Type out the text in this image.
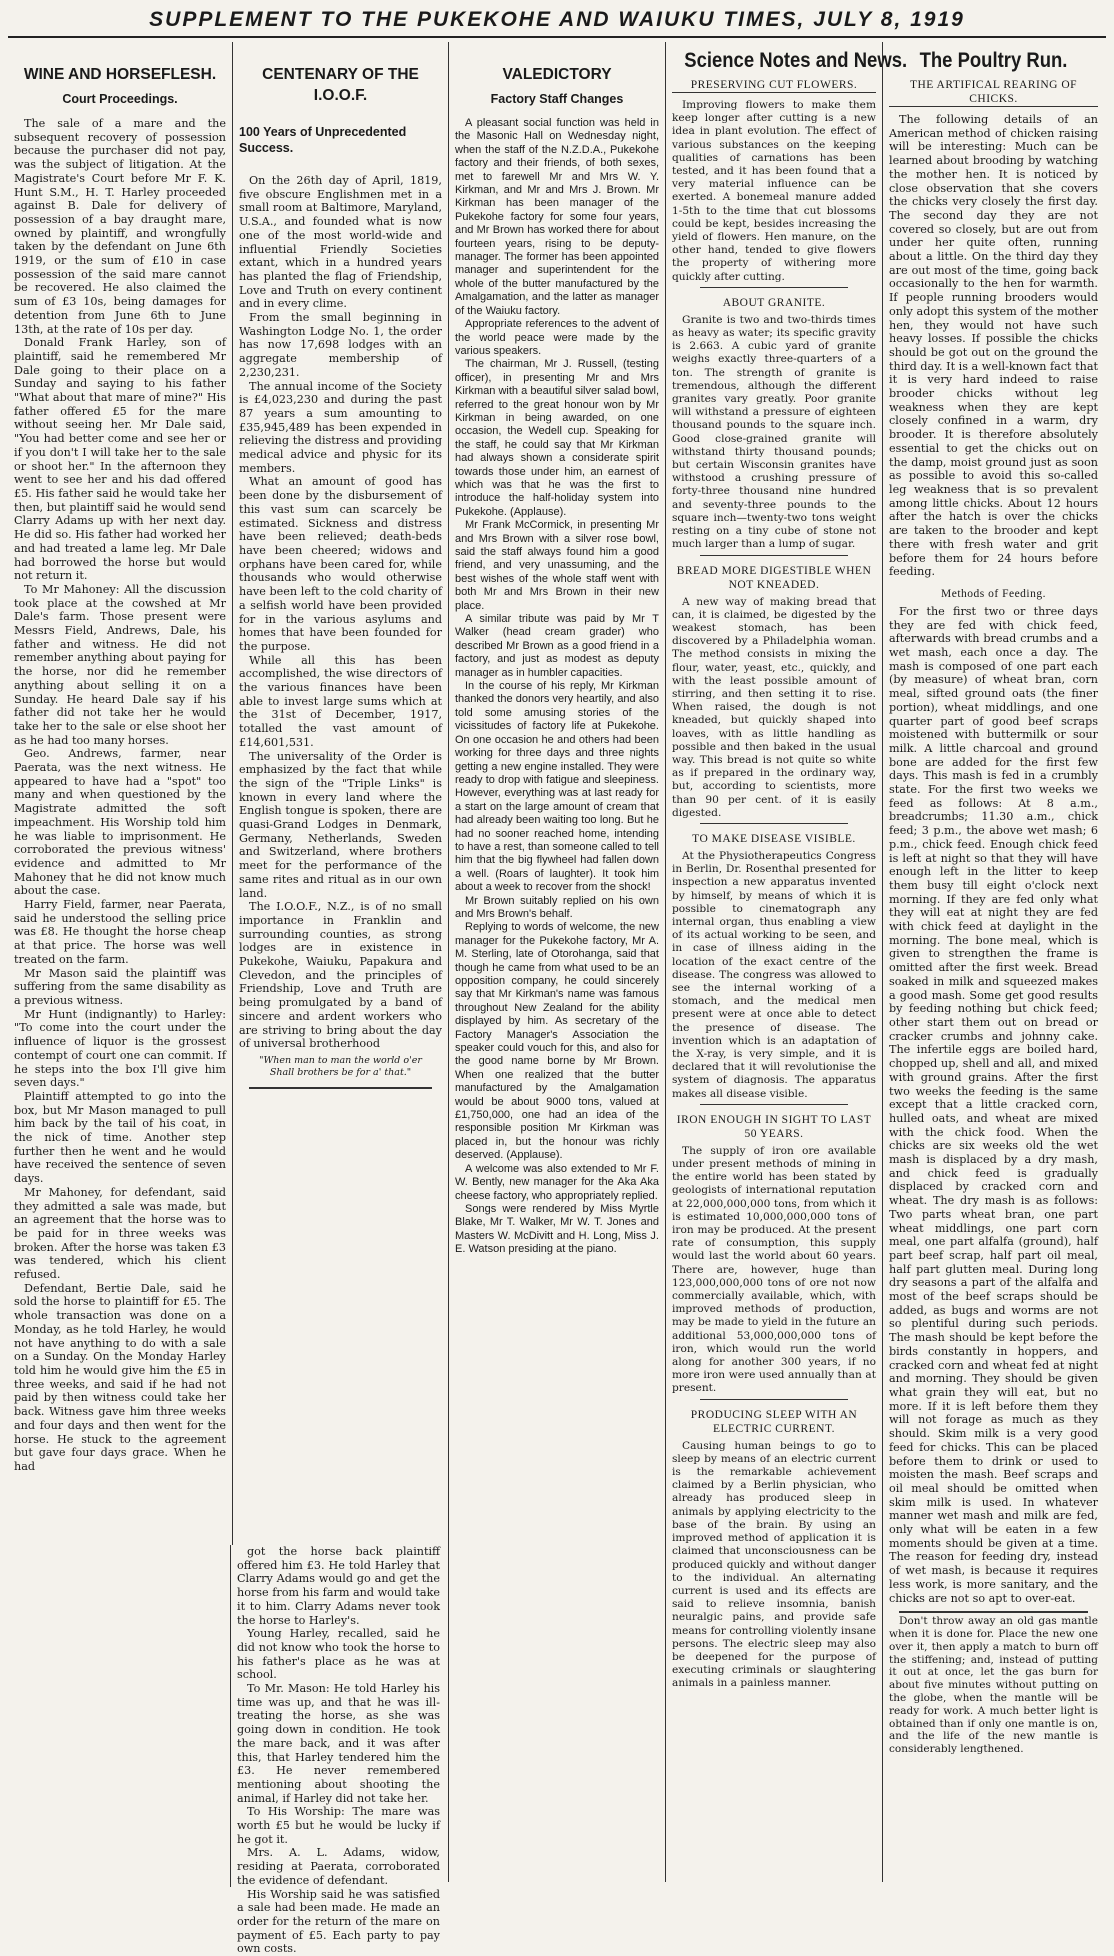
SUPPLEMENT TO THE PUKEKOHE AND WAIUKU TIMES, JULY 8, 1919
WINE AND HORSEFLESH.
Court Proceedings.

The sale of a mare and the subsequent recovery of possession because the purchaser did not pay, was the subject of litigation. At the Magistrate's Court before Mr F. K. Hunt S.M., H. T. Harley proceeded against B. Dale for delivery of possession of a bay draught mare, owned by plaintiff, and wrongfully taken by the defendant on June 6th 1919, or the sum of £10 in case possession of the said mare cannot be recovered. He also claimed the sum of £3 10s, being damages for detention from June 6th to June 13th, at the rate of 10s per day.

Donald Frank Harley, son of plaintiff, said he remembered Mr Dale going to their place on a Sunday and saying to his father "What about that mare of mine?" His father offered £5 for the mare without seeing her. Mr Dale said, "You had better come and see her or if you don't I will take her to the sale or shoot her." In the afternoon they went to see her and his dad offered £5. His father said he would take her then, but plaintiff said he would send Clarry Adams up with her next day. He did so. His father had worked her and had treated a lame leg. Mr Dale had borrowed the horse but would not return it.

To Mr Mahoney: All the discussion took place at the cowshed at Mr Dale's farm. Those present were Messrs Field, Andrews, Dale, his father and witness. He did not remember anything about paying for the horse, nor did he remember anything about selling it on a Sunday. He heard Dale say if his father did not take her he would take her to the sale or else shoot her as he had too many horses.

Geo. Andrews, farmer, near Paerata, was the next witness. He appeared to have had a "spot" too many and when questioned by the Magistrate admitted the soft impeachment. His Worship told him he was liable to imprisonment. He corroborated the previous witness' evidence and admitted to Mr Mahoney that he did not know much about the case.

Harry Field, farmer, near Paerata, said he understood the selling price was £8. He thought the horse cheap at that price. The horse was well treated on the farm.

Mr Mason said the plaintiff was suffering from the same disability as a previous witness.

Mr Hunt (indignantly) to Harley: "To come into the court under the influence of liquor is the grossest contempt of court one can commit. If he steps into the box I'll give him seven days."

Plaintiff attempted to go into the box, but Mr Mason managed to pull him back by the tail of his coat, in the nick of time. Another step further then he went and he would have received the sentence of seven days.

Mr Mahoney, for defendant, said they admitted a sale was made, but an agreement that the horse was to be paid for in three weeks was broken. After the horse was taken £3 was tendered, which his client refused.

Defendant, Bertie Dale, said he sold the horse to plaintiff for £5. The whole transaction was done on a Monday, as he told Harley, he would not have anything to do with a sale on a Sunday. On the Monday Harley told him he would give him the £5 in three weeks, and said if he had not paid by then witness could take her back. Witness gave him three weeks and four days and then went for the horse. He stuck to the agreement but gave four days grace. When he had

CENTENARY OF THE I.O.O.F.
100 Years of Unprecedented Success.

On the 26th day of April, 1819, five obscure Englishmen met in a small room at Baltimore, Maryland, U.S.A., and founded what is now one of the most world-wide and influential Friendly Societies extant, which in a hundred years has planted the flag of Friendship, Love and Truth on every continent and in every clime.

From the small beginning in Washington Lodge No. 1, the order has now 17,698 lodges with an aggregate membership of 2,230,231.

The annual income of the Society is £4,023,230 and during the past 87 years a sum amounting to £35,945,489 has been expended in relieving the distress and providing medical advice and physic for its members.

What an amount of good has been done by the disbursement of this vast sum can scarcely be estimated. Sickness and distress have been relieved; death-beds have been cheered; widows and orphans have been cared for, while thousands who would otherwise have been left to the cold charity of a selfish world have been provided for in the various asylums and homes that have been founded for the purpose.

While all this has been accomplished, the wise directors of the various finances have been able to invest large sums which at the 31st of December, 1917, totalled the vast amount of £14,601,531.

The universality of the Order is emphasized by the fact that while the sign of the "Triple Links" is known in every land where the English tongue is spoken, there are quasi-Grand Lodges in Denmark, Germany, Netherlands, Sweden and Switzerland, where brothers meet for the performance of the same rites and ritual as in our own land.

The I.O.O.F., N.Z., is of no small importance in Franklin and surrounding counties, as strong lodges are in existence in Pukekohe, Waiuku, Papakura and Clevedon, and the principles of Friendship, Love and Truth are being promulgated by a band of sincere and ardent workers who are striving to bring about the day of universal brotherhood

"When man to man the world o'er Shall brothers be for a' that."
VALEDICTORY
Factory Staff Changes

A pleasant social function was held in the Masonic Hall on Wednesday night, when the staff of the N.Z.D.A., Pukekohe factory and their friends, of both sexes, met to farewell Mr and Mrs W. Y. Kirkman, and Mr and Mrs J. Brown. Mr Kirkman has been manager of the Pukekohe factory for some four years, and Mr Brown has worked there for about fourteen years, rising to be deputy-manager. The former has been appointed manager and superintendent for the whole of the butter manufactured by the Amalgamation, and the latter as manager of the Waiuku factory.

Appropriate references to the advent of the world peace were made by the various speakers.

The chairman, Mr J. Russell, (testing officer), in presenting Mr and Mrs Kirkman with a beautiful silver salad bowl, referred to the great honour won by Mr Kirkman in being awarded, on one occasion, the Wedell cup. Speaking for the staff, he could say that Mr Kirkman had always shown a considerate spirit towards those under him, an earnest of which was that he was the first to introduce the half-holiday system into Pukekohe. (Applause).

Mr Frank McCormick, in presenting Mr and Mrs Brown with a silver rose bowl, said the staff always found him a good friend, and very unassuming, and the best wishes of the whole staff went with both Mr and Mrs Brown in their new place.

A similar tribute was paid by Mr T Walker (head cream grader) who described Mr Brown as a good friend in a factory, and just as modest as deputy manager as in humbler capacities.

In the course of his reply, Mr Kirkman thanked the donors very heartily, and also told some amusing stories of the vicissitudes of factory life at Pukekohe. On one occasion he and others had been working for three days and three nights getting a new engine installed. They were ready to drop with fatigue and sleepiness. However, everything was at last ready for a start on the large amount of cream that had already been waiting too long. But he had no sooner reached home, intending to have a rest, than someone called to tell him that the big flywheel had fallen down a well. (Roars of laughter). It took him about a week to recover from the shock!

Mr Brown suitably replied on his own and Mrs Brown's behalf.

Replying to words of welcome, the new manager for the Pukekohe factory, Mr A. M. Sterling, late of Otorohanga, said that though he came from what used to be an opposition company, he could sincerely say that Mr Kirkman's name was famous throughout New Zealand for the ability displayed by him. As secretary of the Factory Manager's Association the speaker could vouch for this, and also for the good name borne by Mr Brown. When one realized that the butter manufactured by the Amalgamation would be about 9000 tons, valued at £1,750,000, one had an idea of the responsible position Mr Kirkman was placed in, but the honour was richly deserved. (Applause).

A welcome was also extended to Mr F. W. Bently, new manager for the Aka Aka cheese factory, who appropriately replied.

Songs were rendered by Miss Myrtle Blake, Mr T. Walker, Mr W. T. Jones and Masters W. McDivitt and H. Long, Miss J. E. Watson presiding at the piano.

Science Notes and News.
PRESERVING CUT FLOWERS.

Improving flowers to make them keep longer after cutting is a new idea in plant evolution. The effect of various substances on the keeping qualities of carnations has been tested, and it has been found that a very material influence can be exerted. A bonemeal manure added 1-5th to the time that cut blossoms could be kept, besides increasing the yield of flowers. Hen manure, on the other hand, tended to give flowers the property of withering more quickly after cutting.

ABOUT GRANITE.

Granite is two and two-thirds times as heavy as water; its specific gravity is 2.663. A cubic yard of granite weighs exactly three-quarters of a ton. The strength of granite is tremendous, although the different granites vary greatly. Poor granite will withstand a pressure of eighteen thousand pounds to the square inch. Good close-grained granite will withstand thirty thousand pounds; but certain Wisconsin granites have withstood a crushing pressure of forty-three thousand nine hundred and seventy-three pounds to the square inch—twenty-two tons weight resting on a tiny cube of stone not much larger than a lump of sugar.

BREAD MORE DIGESTIBLE WHEN NOT KNEADED.

A new way of making bread that can, it is claimed, be digested by the weakest stomach, has been discovered by a Philadelphia woman. The method consists in mixing the flour, water, yeast, etc., quickly, and with the least possible amount of stirring, and then setting it to rise. When raised, the dough is not kneaded, but quickly shaped into loaves, with as little handling as possible and then baked in the usual way. This bread is not quite so white as if prepared in the ordinary way, but, according to scientists, more than 90 per cent. of it is easily digested.

TO MAKE DISEASE VISIBLE.

At the Physiotherapeutics Congress in Berlin, Dr. Rosenthal presented for inspection a new apparatus invented by himself, by means of which it is possible to cinematograph any internal organ, thus enabling a view of its actual working to be seen, and in case of illness aiding in the location of the exact centre of the disease. The congress was allowed to see the internal working of a stomach, and the medical men present were at once able to detect the presence of disease. The invention which is an adaptation of the X-ray, is very simple, and it is declared that it will revolutionise the system of diagnosis. The apparatus makes all disease visible.

IRON ENOUGH IN SIGHT TO LAST 50 YEARS.

The supply of iron ore available under present methods of mining in the entire world has been stated by geologists of international reputation at 22,000,000,000 tons, from which it is estimated 10,000,000,000 tons of iron may be produced. At the present rate of consumption, this supply would last the world about 60 years. There are, however, huge than 123,000,000,000 tons of ore not now commercially available, which, with improved methods of production, may be made to yield in the future an additional 53,000,000,000 tons of iron, which would run the world along for another 300 years, if no more iron were used annually than at present.

PRODUCING SLEEP WITH AN ELECTRIC CURRENT.

Causing human beings to go to sleep by means of an electric current is the remarkable achievement claimed by a Berlin physician, who already has produced sleep in animals by applying electricity to the base of the brain. By using an improved method of application it is claimed that unconsciousness can be produced quickly and without danger to the individual. An alternating current is used and its effects are said to relieve insomnia, banish neuralgic pains, and provide safe means for controlling violently insane persons. The electric sleep may also be deepened for the purpose of executing criminals or slaughtering animals in a painless manner.

The Poultry Run.
THE ARTIFICAL REARING OF CHICKS.

The following details of an American method of chicken raising will be interesting: Much can be learned about brooding by watching the mother hen. It is noticed by close observation that she covers the chicks very closely the first day. The second day they are not covered so closely, but are out from under her quite often, running about a little. On the third day they are out most of the time, going back occasionally to the hen for warmth. If people running brooders would only adopt this system of the mother hen, they would not have such heavy losses. If possible the chicks should be got out on the ground the third day. It is a well-known fact that it is very hard indeed to raise brooder chicks without leg weakness when they are kept closely confined in a warm, dry brooder. It is therefore absolutely essential to get the chicks out on the damp, moist ground just as soon as possible to avoid this so-called leg weakness that is so prevalent among little chicks. About 12 hours after the hatch is over the chicks are taken to the brooder and kept there with fresh water and grit before them for 24 hours before feeding.

Methods of Feeding.

For the first two or three days they are fed with chick feed, afterwards with bread crumbs and a wet mash, each once a day. The mash is composed of one part each (by measure) of wheat bran, corn meal, sifted ground oats (the finer portion), wheat middlings, and one quarter part of good beef scraps moistened with buttermilk or sour milk. A little charcoal and ground bone are added for the first few days. This mash is fed in a crumbly state. For the first two weeks we feed as follows: At 8 a.m., breadcrumbs; 11.30 a.m., chick feed; 3 p.m., the above wet mash; 6 p.m., chick feed. Enough chick feed is left at night so that they will have enough left in the litter to keep them busy till eight o'clock next morning. If they are fed only what they will eat at night they are fed with chick feed at daylight in the morning. The bone meal, which is given to strengthen the frame is omitted after the first week. Bread soaked in milk and squeezed makes a good mash. Some get good results by feeding nothing but chick feed; other start them out on bread or cracker crumbs and johnny cake. The infertile eggs are boiled hard, chopped up, shell and all, and mixed with ground grains. After the first two weeks the feeding is the same except that a little cracked corn, hulled oats, and wheat are mixed with the chick food. When the chicks are six weeks old the wet mash is displaced by a dry mash, and chick feed is gradually displaced by cracked corn and wheat. The dry mash is as follows: Two parts wheat bran, one part wheat middlings, one part corn meal, one part alfalfa (ground), half part beef scrap, half part oil meal, half part glutten meal. During long dry seasons a part of the alfalfa and most of the beef scraps should be added, as bugs and worms are not so plentiful during such periods. The mash should be kept before the birds constantly in hoppers, and cracked corn and wheat fed at night and morning. They should be given what grain they will eat, but no more. If it is left before them they will not forage as much as they should. Skim milk is a very good feed for chicks. This can be placed before them to drink or used to moisten the mash. Beef scraps and oil meal should be omitted when skim milk is used. In whatever manner wet mash and milk are fed, only what will be eaten in a few moments should be given at a time. The reason for feeding dry, instead of wet mash, is because it requires less work, is more sanitary, and the chicks are not so apt to over-eat.

Don't throw away an old gas mantle when it is done for. Place the new one over it, then apply a match to burn off the stiffening; and, instead of putting it out at once, let the gas burn for about five minutes without putting on the globe, when the mantle will be ready for work. A much better light is obtained than if only one mantle is on, and the life of the new mantle is considerably lengthened.

got the horse back plaintiff offered him £3. He told Harley that Clarry Adams would go and get the horse from his farm and would take it to him. Clarry Adams never took the horse to Harley's.

Young Harley, recalled, said he did not know who took the horse to his father's place as he was at school.

To Mr. Mason: He told Harley his time was up, and that he was ill-treating the horse, as she was going down in condition. He took the mare back, and it was after this, that Harley tendered him the £3. He never remembered mentioning about shooting the animal, if Harley did not take her.

To His Worship: The mare was worth £5 but he would be lucky if he got it.

Mrs. A. L. Adams, widow, residing at Paerata, corroborated the evidence of defendant.

His Worship said he was satisfied a sale had been made. He made an order for the return of the mare on payment of £5. Each party to pay own costs.
